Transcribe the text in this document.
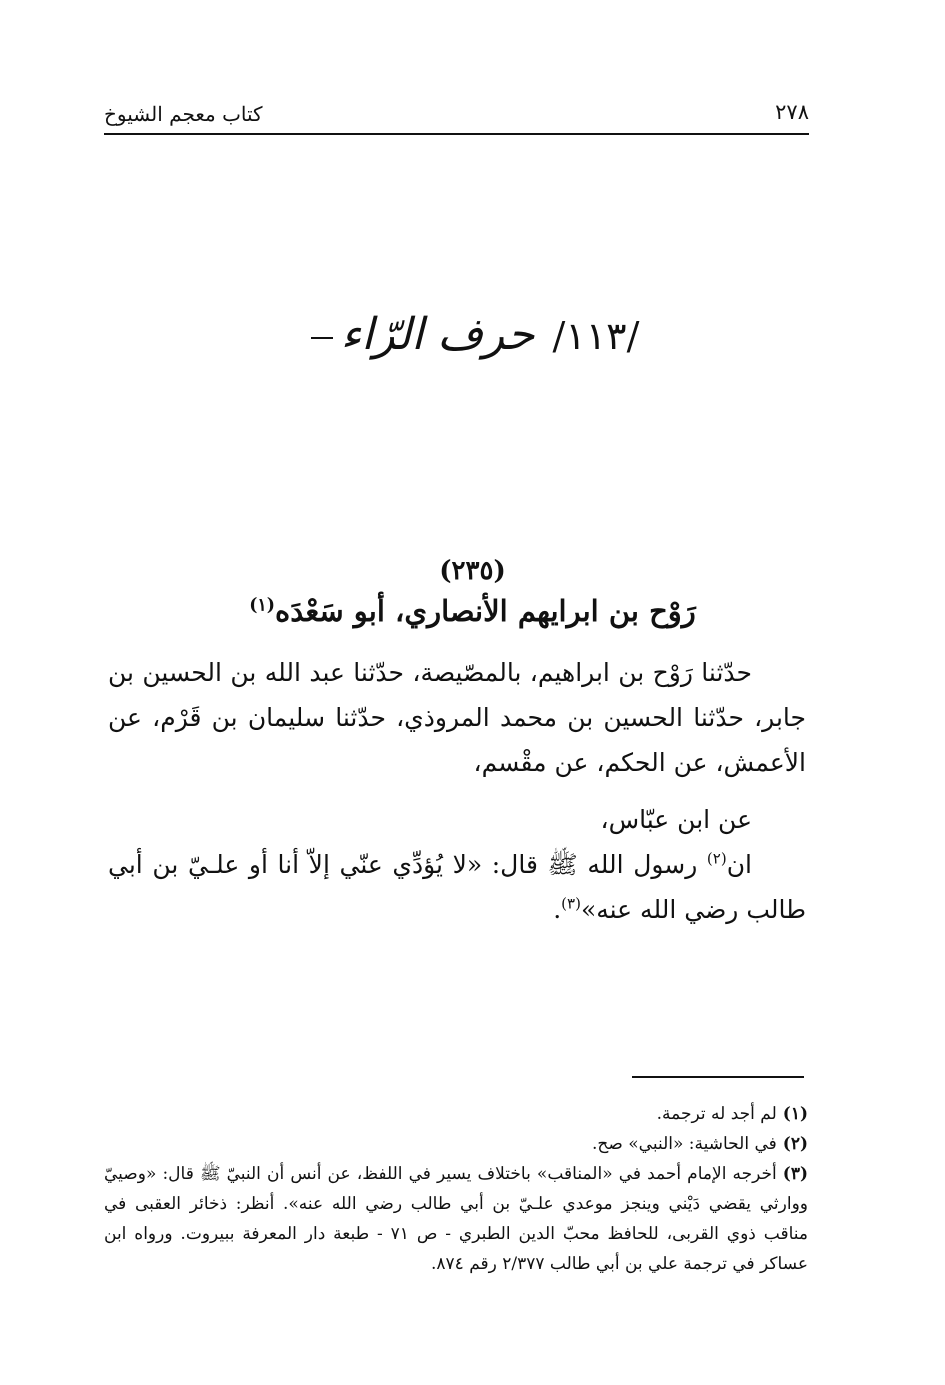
كتاب معجم الشيوخ	٢٧٨
/١١٣/حرف الرّاء
(٢٣٥)
رَوْح بن ابرايهم الأنصاري، أبو سَعْدَه$^{(١)}$

حدّثنا رَوْح بن ابراهيم، بالمصّيصة، حدّثنا عبد الله بن الحسين بن جابر، حدّثنا الحسين بن محمد المروذي، حدّثنا سليمان بن قَرْم، عن الأعمش، عن الحكم، عن مقْسم،

عن ابن عبّاس،

ان$^{(٢)}$ رسول الله ﷺ قال: «لا يُؤدِّي عنّي إلاّ أنا أو علـيّ بن أبي طالب رضي الله عنه»$^{(٣)}$.

(١)لم أجد له ترجمة.

(٢)في الحاشية: «النبي» صح.

(٣)أخرجه الإمام أحمد في «المناقب» باختلاف يسير في اللفظ، عن أنس أن النبيّ ﷺ قال: «وصييّ ووارثي يقضي دَيْني وينجز موعدي علـيّ بن أبي طالب رضي الله عنه». أنظر: ذخائر العقبى في مناقب ذوي القربى، للحافظ محبّ الدين الطبري - ص ٧١ - طبعة دار المعرفة ببيروت. ورواه ابن عساكر في ترجمة علي بن أبي طالب ٢/٣٧٧ رقم ٨٧٤.
